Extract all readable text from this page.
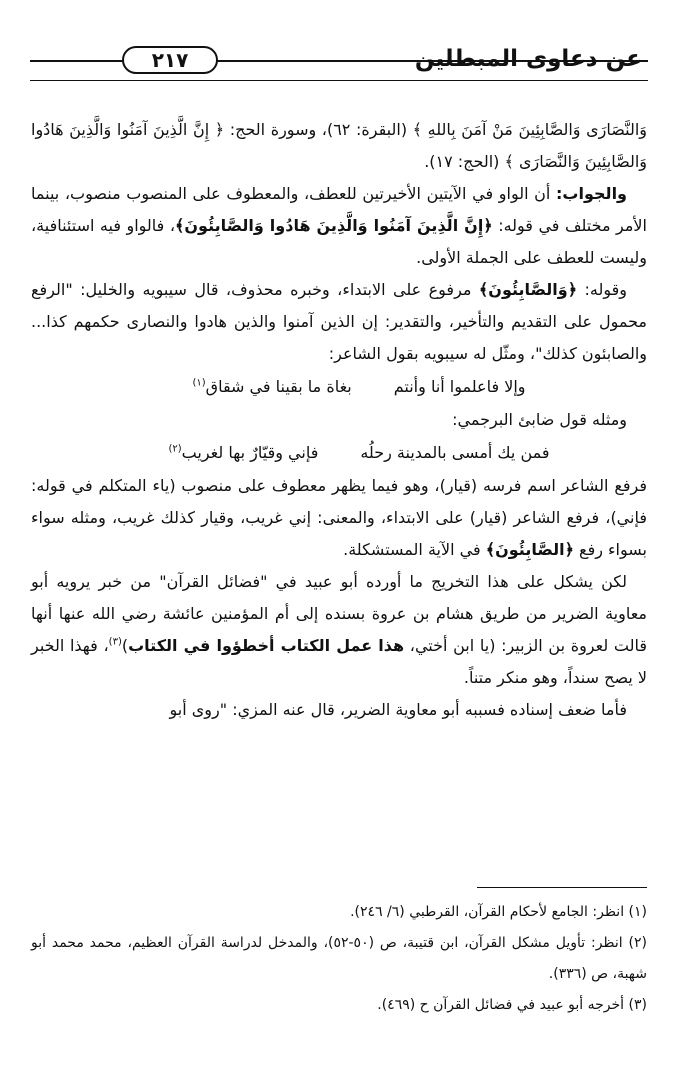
عن دعاوى المبطلين
٢١٧

وَالنَّصَارَى وَالصَّابِئِينَ مَنْ آمَنَ بِاللهِ ﴾ (البقرة: ٦٢)، وسورة الحج: ﴿ إِنَّ الَّذِينَ آمَنُوا وَالَّذِينَ هَادُوا وَالصَّابِئِينَ وَالنَّصَارَى ﴾ (الحج: ١٧).

والجواب: أن الواو في الآيتين الأخيرتين للعطف، والمعطوف على المنصوب منصوب، بينما الأمر مختلف في قوله: ﴿إِنَّ الَّذِينَ آمَنُوا وَالَّذِينَ هَادُوا وَالصَّابِئُونَ﴾، فالواو فيه استئنافية، وليست للعطف على الجملة الأولى.

وقوله: ﴿وَالصَّابِئُونَ﴾ مرفوع على الابتداء، وخبره محذوف، قال سيبويه والخليل: "الرفع محمول على التقديم والتأخير، والتقدير: إن الذين آمنوا والذين هادوا والنصارى حكمهم كذا... والصابئون كذلك"، ومثّل له سيبويه بقول الشاعر:

وإلا فاعلموا أنا وأنتم
بغاة ما بقينا في شقاق$^{(١)}$

ومثله قول ضابئ البرجمي:

فمن يك أمسى بالمدينة رحلُه
فإني وقيّارٌ بها لغريب$^{(٢)}$

فرفع الشاعر اسم فرسه (قيار)، وهو فيما يظهر معطوف على منصوب (ياء المتكلم في قوله: فإني)، فرفع الشاعر (قيار) على الابتداء، والمعنى: إني غريب، وقيار كذلك غريب، ومثله سواء بسواء رفع ﴿الصَّابِئُونَ﴾ في الآية المستشكلة.

لكن يشكل على هذا التخريج ما أورده أبو عبيد في "فضائل القرآن" من خبر يرويه أبو معاوية الضرير من طريق هشام بن عروة بسنده إلى أم المؤمنين عائشة رضي الله عنها أنها قالت لعروة بن الزبير: (يا ابن أختي، هذا عمل الكتاب أخطؤوا في الكتاب)$^{(٣)}$، فهذا الخبر لا يصح سنداً، وهو منكر متناً.

فأما ضعف إسناده فسببه أبو معاوية الضرير، قال عنه المزي: "روى أبو

(١) انظر: الجامع لأحكام القرآن، القرطبي (٦/ ٢٤٦).

(٢) انظر: تأويل مشكل القرآن، ابن قتيبة، ص (٥٠-٥٢)، والمدخل لدراسة القرآن العظيم، محمد محمد أبو شهبة، ص (٣٣٦).

(٣) أخرجه أبو عبيد في فضائل القرآن ح (٤٦٩).
